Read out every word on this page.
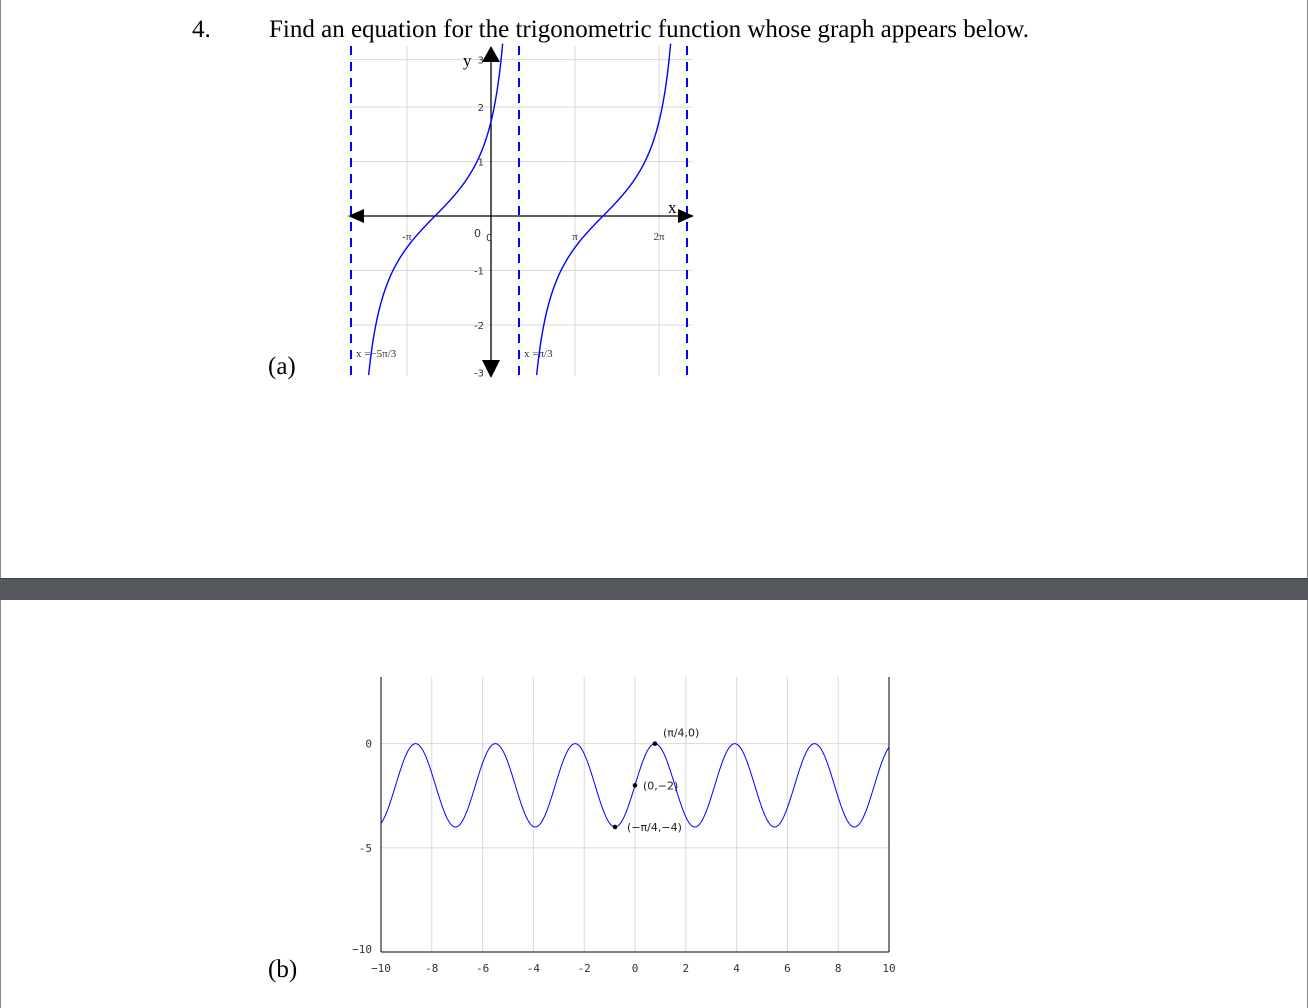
4. Find an equation for the trigonometric function whose graph appears below.
(a)
(b)
x =−5π/3	x =π/3
y
x
3
2
1
-1
-2
-3
0
-π	0	π	2π
−10	-8	-6	-4	-2	0	2	4	6	8	10
0
-5
−10
(π/4,0)
(0,−2)
(−π/4,−4)
